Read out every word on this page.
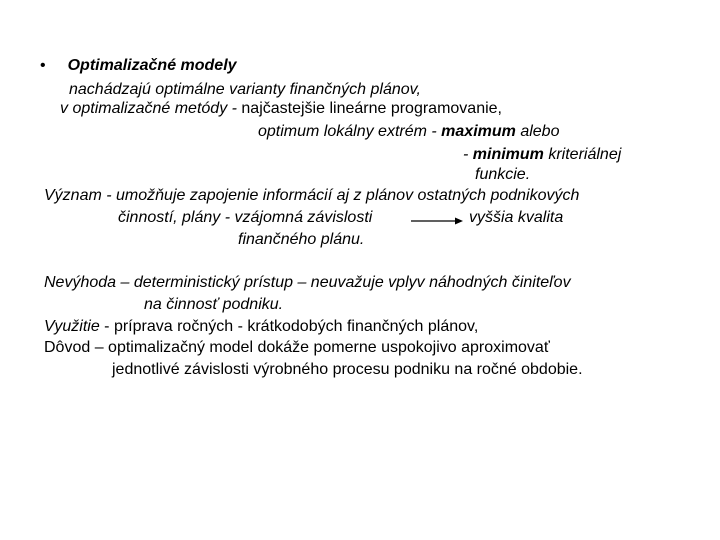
• Optimalizačné modely
nachádzajú optimálne varianty finančných plánov,
v optimalizačné metódy - najčastejšie lineárne programovanie,
optimum lokálny extrém - maximum alebo
- minimum kriteriálnej
funkcie.
Význam - umožňuje zapojenie informácií aj z plánov ostatných podnikových
činností, plány - vzájomná závislosti	vyššia kvalita
finančného plánu.
Nevýhoda – deterministický prístup – neuvažuje vplyv náhodných činiteľov
na činnosť podniku.
Využitie - príprava ročných - krátkodobých finančných plánov,
Dôvod – optimalizačný model dokáže pomerne uspokojivo aproximovať
jednotlivé závislosti výrobného procesu podniku na ročné obdobie.
